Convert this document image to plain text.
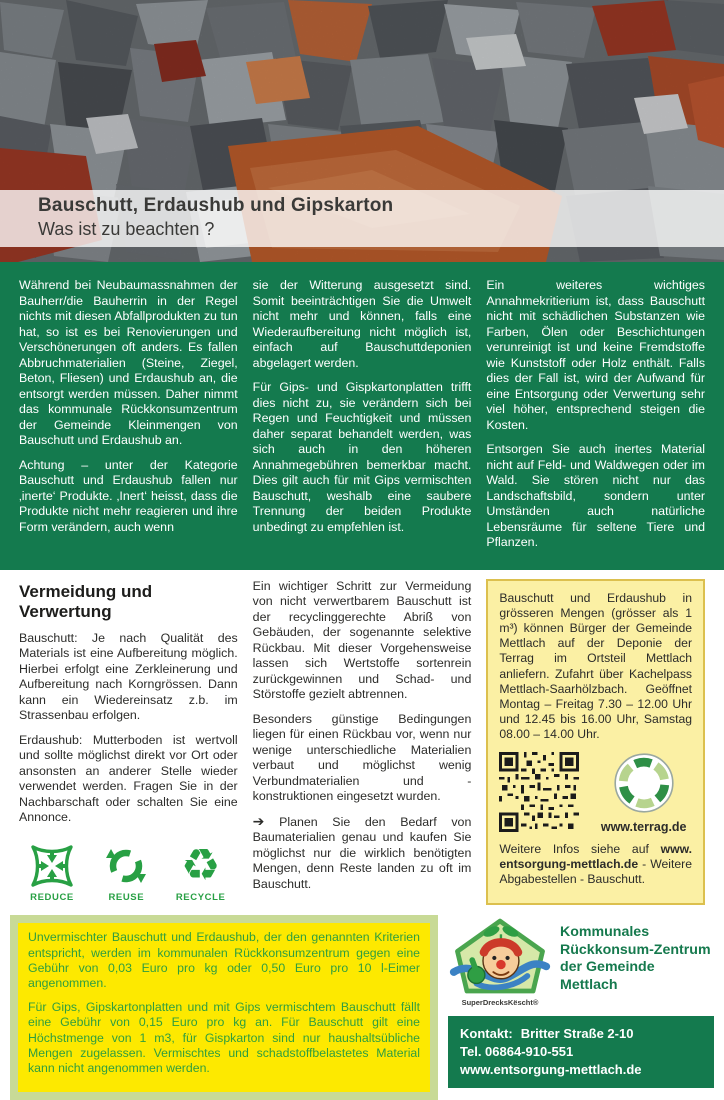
Bauschutt, Erdaushub und Gipskarton
Was ist zu beachten ?

Während bei Neubaumassnahmen der Bauherr/die Bauherrin in der Regel nichts mit diesen Abfallprodukten zu tun hat, so ist es bei Renovierungen und Verschönerungen oft anders. Es fallen Abbruchmaterialien (Steine, Ziegel, Beton, Fliesen) und Erdaushub an, die entsorgt werden müssen. Daher nimmt das kommunale Rückkonsumzentrum der Gemeinde Kleinmengen von Bauschutt und Erdaushub an.

Achtung – unter der Kategorie Bauschutt und Erdaushub fallen nur ‚inerte‘ Produkte. ‚Inert‘ heisst, dass die Produkte nicht mehr reagieren und ihre Form verändern, auch wenn

sie der Witterung ausgesetzt sind. Somit beeinträchtigen Sie die Umwelt nicht mehr und können, falls eine Wiederaufbereitung nicht möglich ist, einfach auf Bauschuttdeponien abgelagert werden.

Für Gips- und Gispkartonplatten trifft dies nicht zu, sie verändern sich bei Regen und Feuchtigkeit und müssen daher separat behandelt werden, was sich auch in den höheren Annahmegebühren bemerkbar macht. Dies gilt auch für mit Gips vermischten Bauschutt, weshalb eine saubere Trennung der beiden Produkte unbedingt zu empfehlen ist.

Ein weiteres wichtiges Annahmekritierium ist, dass Bauschutt nicht mit schädlichen Substanzen wie Farben, Ölen oder Beschichtungen verunreinigt ist und keine Fremdstoffe wie Kunststoff oder Holz enthält. Falls dies der Fall ist, wird der Aufwand für eine Entsorgung oder Verwertung sehr viel höher, entsprechend steigen die Kosten.

Entsorgen Sie auch inertes Material nicht auf Feld- und Waldwegen oder im Wald. Sie stören nicht nur das Landschaftsbild, sondern unter Umständen auch natürliche Lebensräume für seltene Tiere und Pflanzen.

Vermeidung und Verwertung

Bauschutt: Je nach Qualität des Materials ist eine Aufbereitung möglich. Hierbei erfolgt eine Zerkleinerung und Aufbereitung nach Korngrössen. Dann kann ein Wiedereinsatz z.b. im Strassenbau erfolgen.

Erdaushub: Mutterboden ist wertvoll und sollte möglichst direkt vor Ort oder ansonsten an anderer Stelle wieder verwendet werden. Fragen Sie in der Nachbarschaft oder schalten Sie eine Annonce.

REDUCE	REUSE
♻
RECYCLE

Ein wichtiger Schritt zur Vermeidung von nicht verwertbarem Bauschutt ist der recyclinggerechte Abriß von Gebäuden, der sogenannte selektive Rückbau. Mit dieser Vorgehensweise lassen sich Wertstoffe sortenrein zurückgewinnen und Schad- und Störstoffe gezielt abtrennen.

Besonders günstige Bedingungen liegen für einen Rückbau vor, wenn nur wenige unterschiedliche Materialien verbaut und möglichst wenig Verbundmaterialien und -konstruktionen eingesetzt wurden.

➔ Planen Sie den Bedarf von Baumaterialien genau und kaufen Sie möglichst nur die wirklich benötigten Mengen, denn Reste landen zu oft im Bauschutt.

Bauschutt und Erdaushub in grösseren Mengen (grösser als 1 m³) können Bürger der Gemeinde Mettlach auf der Deponie der Terrag im Ortsteil Mettlach anliefern. Zufahrt über Kachelpass Mettlach-Saarhölzbach. Geöffnet Montag – Freitag 7.30 – 12.00 Uhr und 12.45 bis 16.00 Uhr, Samstag 08.00 – 14.00 Uhr.

www.terrag.de

Weitere Infos siehe auf www. entsorgung-mettlach.de - Weitere Abgabestellen - Bauschutt.

Unvermischter Bauschutt und Erdaushub, der den genannten Kriterien entspricht, werden im kommunalen Rückkonsumzentrum gegen eine Gebühr von 0,03 Euro pro kg oder 0,50 Euro pro 10 l-Eimer angenommen.

Für Gips, Gipskartonplatten und mit Gips vermischtem Bauschutt fällt eine Gebühr von 0,15 Euro pro kg an. Für Bauschutt gilt eine Höchstmenge von 1 m3, für Gispkarton sind nur haushaltsübliche Mengen zugelassen. Vermischtes und schadstoffbelastetes Material kann nicht angenommen werden.

SuperDrecksKëscht®
Kommunales Rückkonsum-Zentrum der Gemeinde Mettlach
Kontakt: Britter Straße 2-10
Tel. 06864-910-551
www.entsorgung-mettlach.de
